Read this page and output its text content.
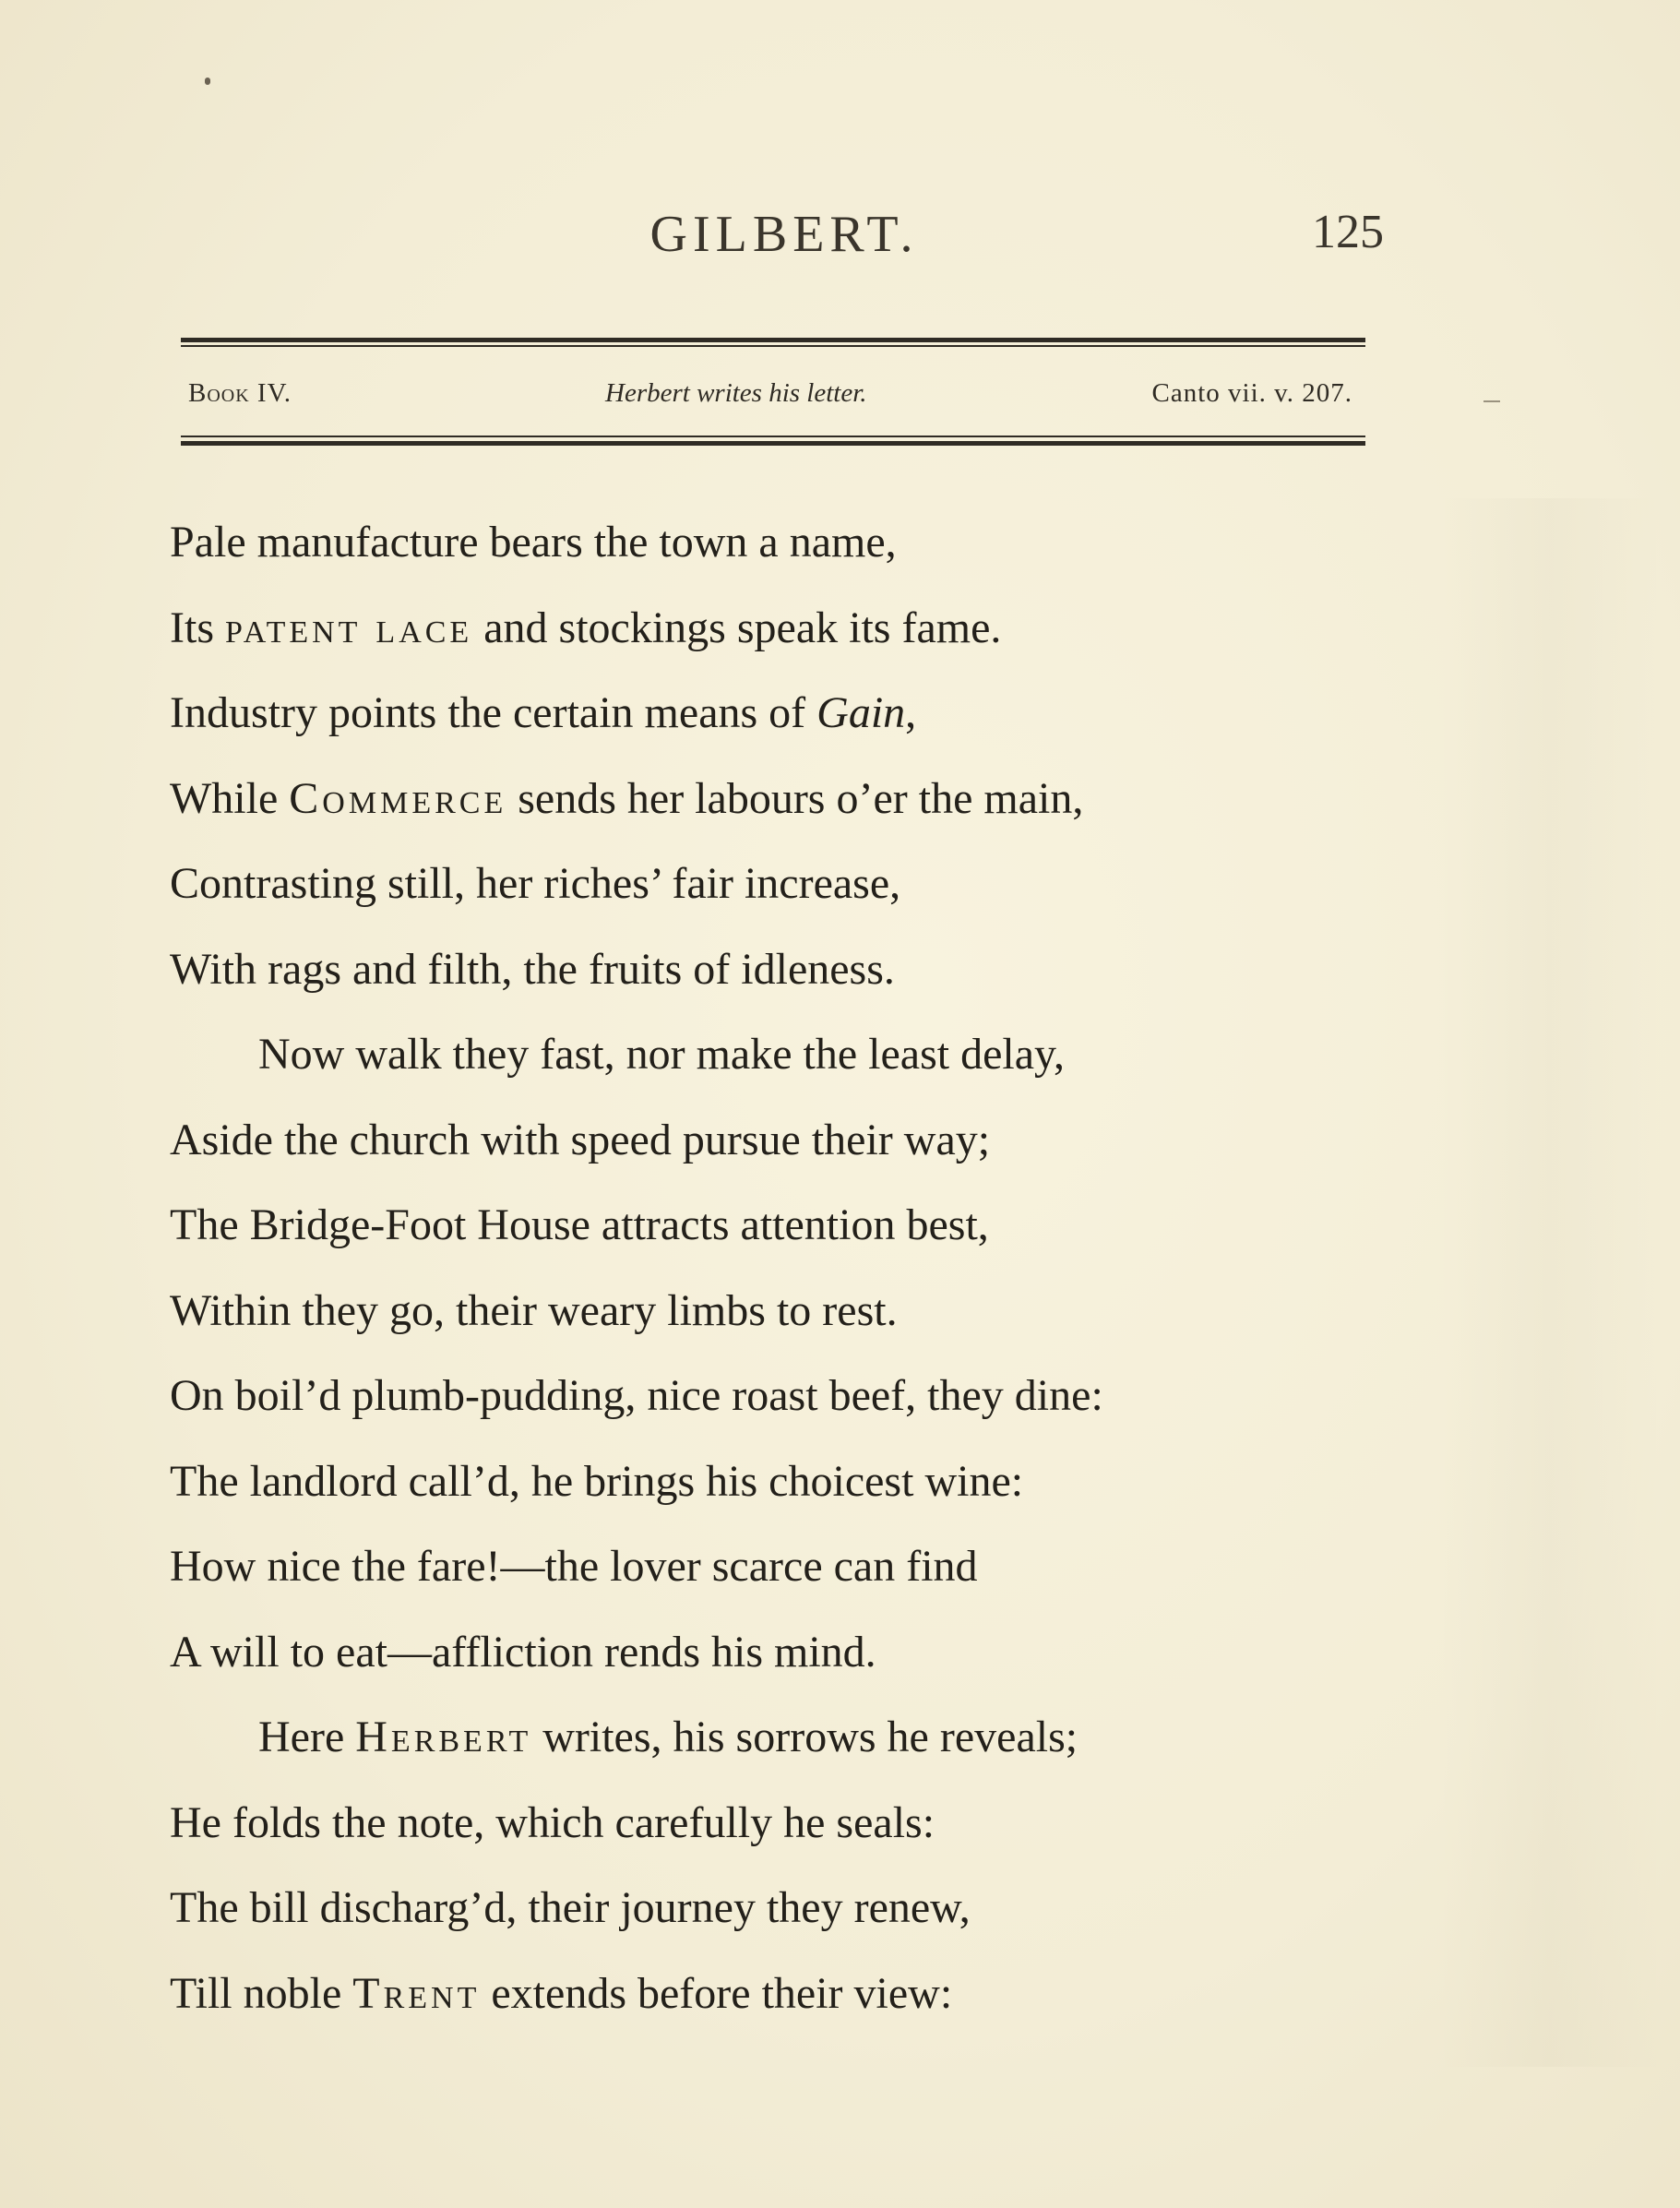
GILBERT.	125
Book IV.	Herbert writes his letter.	Canto vii. v. 207.
Pale manufacture bears the town a name,
Its patent lace and stockings speak its fame.
Industry points the certain means of Gain,
While Commerce sends her labours o’er the main,
Contrasting still, her riches’ fair increase,
With rags and filth, the fruits of idleness.
Now walk they fast, nor make the least delay,
Aside the church with speed pursue their way;
The Bridge-Foot House attracts attention best,
Within they go, their weary limbs to rest.
On boil’d plumb-pudding, nice roast beef, they dine:
The landlord call’d, he brings his choicest wine:
How nice the fare!—the lover scarce can find
A will to eat—affliction rends his mind.
Here Herbert writes, his sorrows he reveals;
He folds the note, which carefully he seals:
The bill discharg’d, their journey they renew,
Till noble Trent extends before their view:
